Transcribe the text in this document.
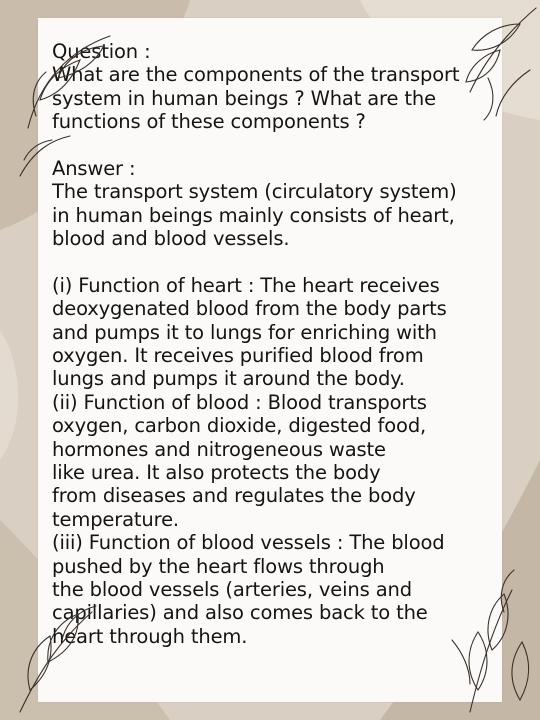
Question :
What are the components of the transport
system in human beings ? What are the
functions of these components ?
Answer :
The transport system (circulatory system)
in human beings mainly consists of heart,
blood and blood vessels.
(i) Function of heart : The heart receives
deoxygenated blood from the body parts
and pumps it to lungs for enriching with
oxygen. It receives purified blood from
lungs and pumps it around the body.
(ii) Function of blood : Blood transports
oxygen, carbon dioxide, digested food,
hormones and nitrogeneous waste
like urea. It also protects the body
from diseases and regulates the body
temperature.
(iii) Function of blood vessels : The blood
pushed by the heart flows through
the blood vessels (arteries, veins and
capillaries) and also comes back to the
heart through them.
